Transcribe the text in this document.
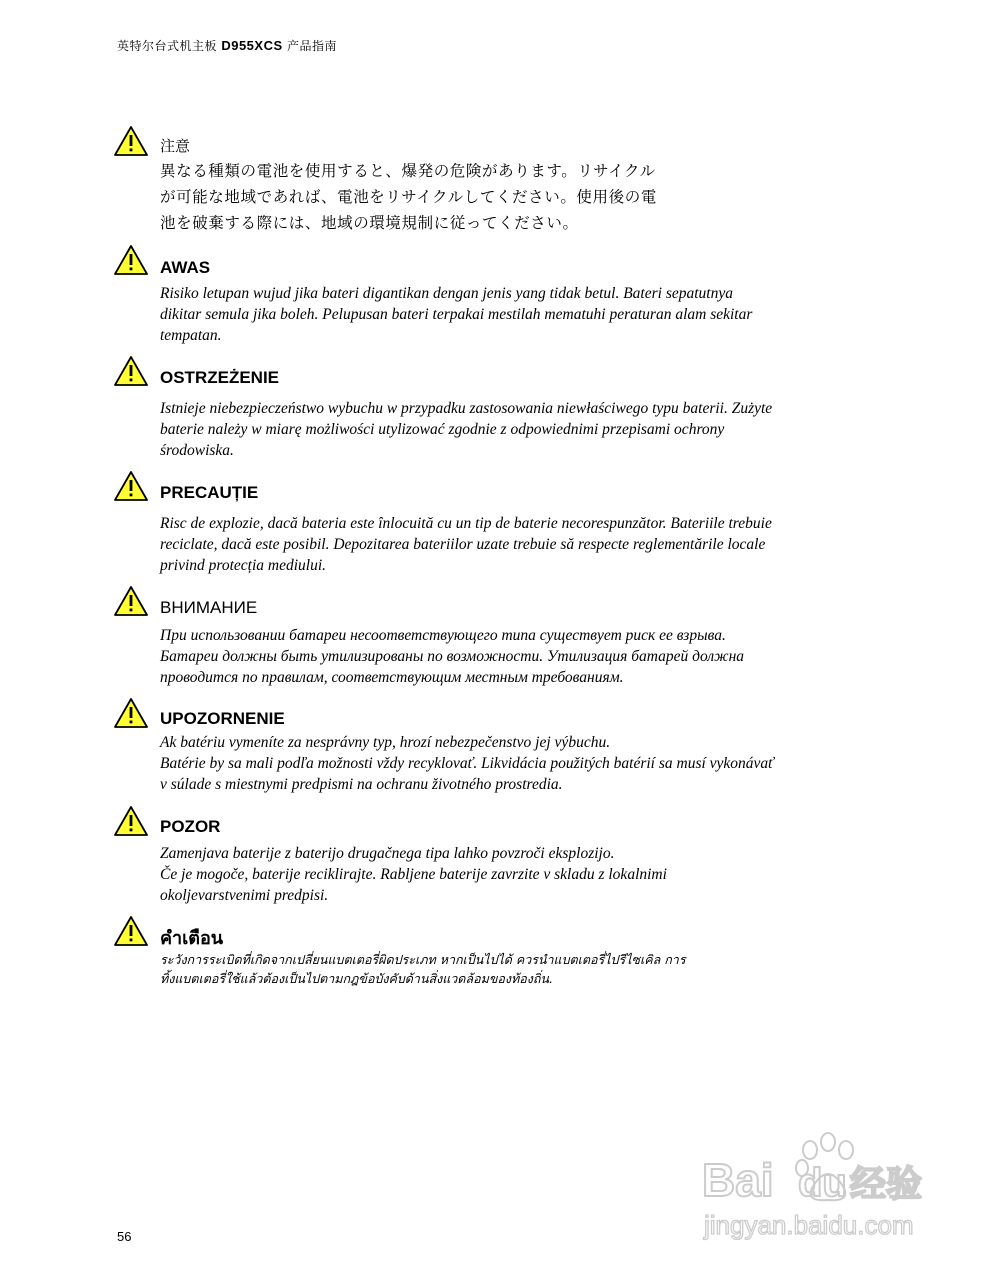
英特尔台式机主板 D955XCS 产品指南
注意

異なる種類の電池を使用すると、爆発の危険があります。リサイクル

が可能な地域であれば、電池をリサイクルしてください。使用後の電

池を破棄する際には、地域の環境規制に従ってください。

AWAS

Risiko letupan wujud jika bateri digantikan dengan jenis yang tidak betul. Bateri sepatutnya

dikitar semula jika boleh. Pelupusan bateri terpakai mestilah mematuhi peraturan alam sekitar

tempatan.

OSTRZEŻENIE

Istnieje niebezpieczeństwo wybuchu w przypadku zastosowania niewłaściwego typu baterii. Zużyte

baterie należy w miarę możliwości utylizować zgodnie z odpowiednimi przepisami ochrony

środowiska.

PRECAUȚIE

Risc de explozie, dacă bateria este înlocuită cu un tip de baterie necorespunzător. Bateriile trebuie

reciclate, dacă este posibil. Depozitarea bateriilor uzate trebuie să respecte reglementările locale

privind protecția mediului.

ВНИМАНИЕ

При использовании батареи несоответствующего типа существует риск ее взрыва.

Батареи должны быть утилизированы по возможности. Утилизация батарей должна

проводится по правилам, соответствующим местным требованиям.

UPOZORNENIE

Ak batériu vymeníte za nesprávny typ, hrozí nebezpečenstvo jej výbuchu.

Batérie by sa mali podľa možnosti vždy recyklovať. Likvidácia použitých batérií sa musí vykonávať

v súlade s miestnymi predpismi na ochranu životného prostredia.

POZOR

Zamenjava baterije z baterijo drugačnega tipa lahko povzroči eksplozijo.

Če je mogoče, baterije reciklirajte. Rabljene baterije zavrzite v skladu z lokalnimi

okoljevarstvenimi predpisi.

คำเตือน

ระวังการระเบิดที่เกิดจากเปลี่ยนแบตเตอรี่ผิดประเภท หากเป็นไปได้ ควรนำแบตเตอรี่ไปรีไซเคิล การ

ทิ้งแบตเตอรี่ใช้แล้วต้องเป็นไปตามกฎข้อบังคับด้านสิ่งแวดล้อมของท้องถิ่น.

Bai du 经验
jingyan.baidu.com
56
